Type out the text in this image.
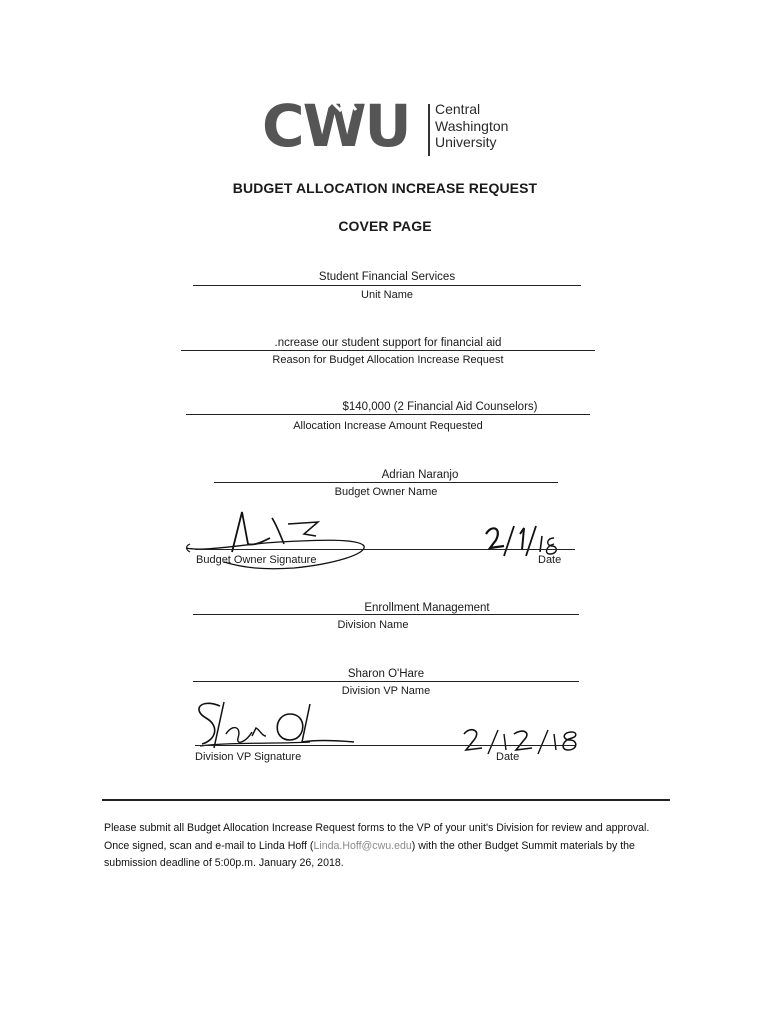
CWU Central
Washington
University
BUDGET ALLOCATION INCREASE REQUEST
COVER PAGE
Student Financial Services
Unit Name
.ncrease our student support for financial aid
Reason for Budget Allocation Increase Request
$140,000 (2 Financial Aid Counselors)
Allocation Increase Amount Requested
Adrian Naranjo
Budget Owner Name
Budget Owner Signature	Date
Enrollment Management
Division Name
Sharon O'Hare
Division VP Name
Division VP Signature	Date
Please submit all Budget Allocation Increase Request forms to the VP of your unit's Division for review and approval. Once signed, scan and e-mail to Linda Hoff (Linda.Hoff@cwu.edu) with the other Budget Summit materials by the submission deadline of 5:00p.m. January 26, 2018.
